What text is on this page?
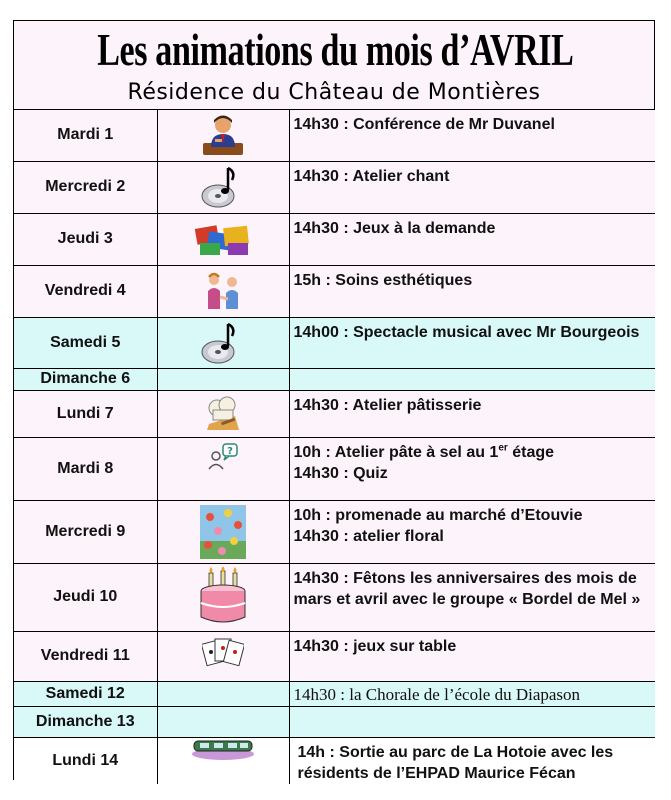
Les animations du mois d’AVRIL
Résidence du Château de Montières
Mardi 1		14h30 : Conférence de Mr Duvanel
Mercredi 2		14h30 : Atelier chant
Jeudi 3		14h30 : Jeux à la demande
Vendredi 4		15h : Soins esthétiques
Samedi 5		14h00 : Spectacle musical avec Mr Bourgeois
Dimanche 6		
Lundi 7		14h30 : Atelier pâtisserie
Mardi 8	?	10h : Atelier pâte à sel au 1er étage
14h30 : Quiz

Mercredi 9		10h : promenade au marché d’Etouvie
14h30 : atelier floral

Jeudi 10		14h30 : Fêtons les anniversaires des mois de mars et avril avec le groupe « Bordel de Mel »
Vendredi 11		14h30 : jeux sur table
Samedi 12		14h30 : la Chorale de l’école du Diapason
Dimanche 13		
Lundi 14		14h : Sortie au parc de La Hotoie avec les résidents de l’EHPAD Maurice Fécan
